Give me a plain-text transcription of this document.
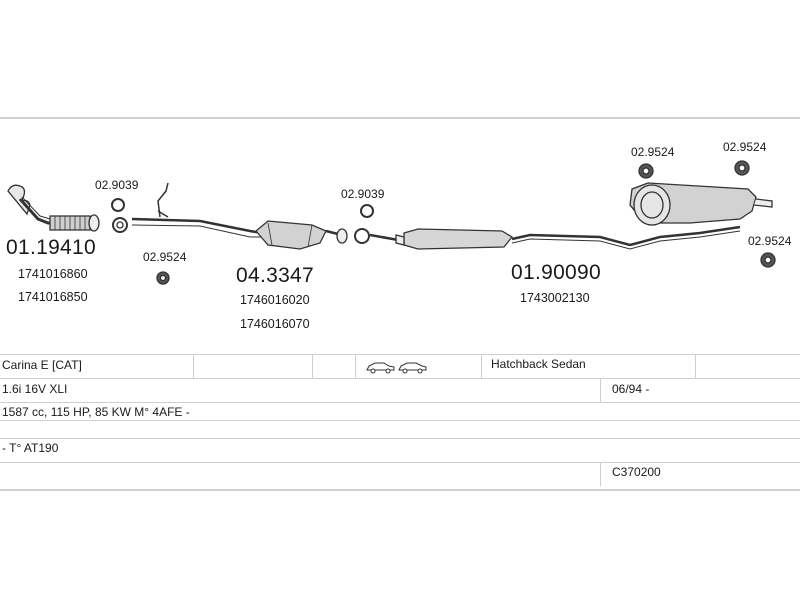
01.19410
1741016860
1741016850
04.3347
1746016020
1746016070
01.90090
1743002130
02.9039
02.9524
02.9039
02.9524	02.9524
02.9524
Carina E [CAT]	Hatchback Sedan
1.6i 16V XLI	06/94 -
1587 cc, 115 HP, 85 KW M° 4AFE -
- T° AT190
C370200
